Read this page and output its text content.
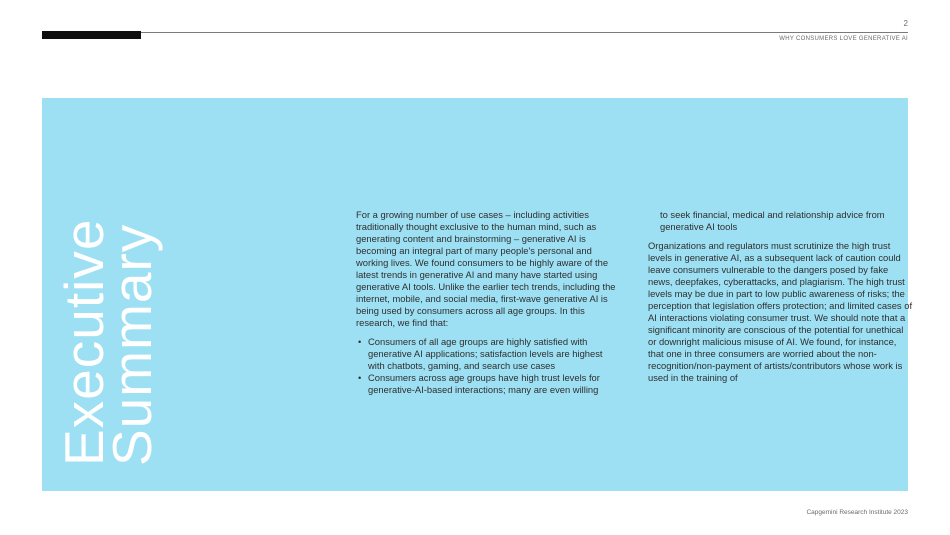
2
WHY CONSUMERS LOVE GENERATIVE AI
Executive
Summary

For a growing number of use cases – including activities traditionally thought exclusive to the human mind, such as generating content and brainstorming – generative AI is becoming an integral part of many people's personal and working lives. We found consumers to be highly aware of the latest trends in generative AI and many have started using generative AI tools. Unlike the earlier tech trends, including the internet, mobile, and social media, first-wave generative AI is being used by consumers across all age groups. In this research, we find that:

• Consumers of all age groups are highly satisfied with generative AI applications; satisfaction levels are highest with chatbots, gaming, and search use cases
• Consumers across age groups have high trust levels for generative-AI-based interactions; many are even willing

to seek financial, medical and relationship advice from generative AI tools

Organizations and regulators must scrutinize the high trust levels in generative AI, as a subsequent lack of caution could leave consumers vulnerable to the dangers posed by fake news, deepfakes, cyberattacks, and plagiarism. The high trust levels may be due in part to low public awareness of risks; the perception that legislation offers protection; and limited cases of AI interactions violating consumer trust. We should note that a significant minority are conscious of the potential for unethical or downright malicious misuse of AI. We found, for instance, that one in three consumers are worried about the non-recognition/non-payment of artists/contributors whose work is used in the training of

Capgemini Research Institute 2023
